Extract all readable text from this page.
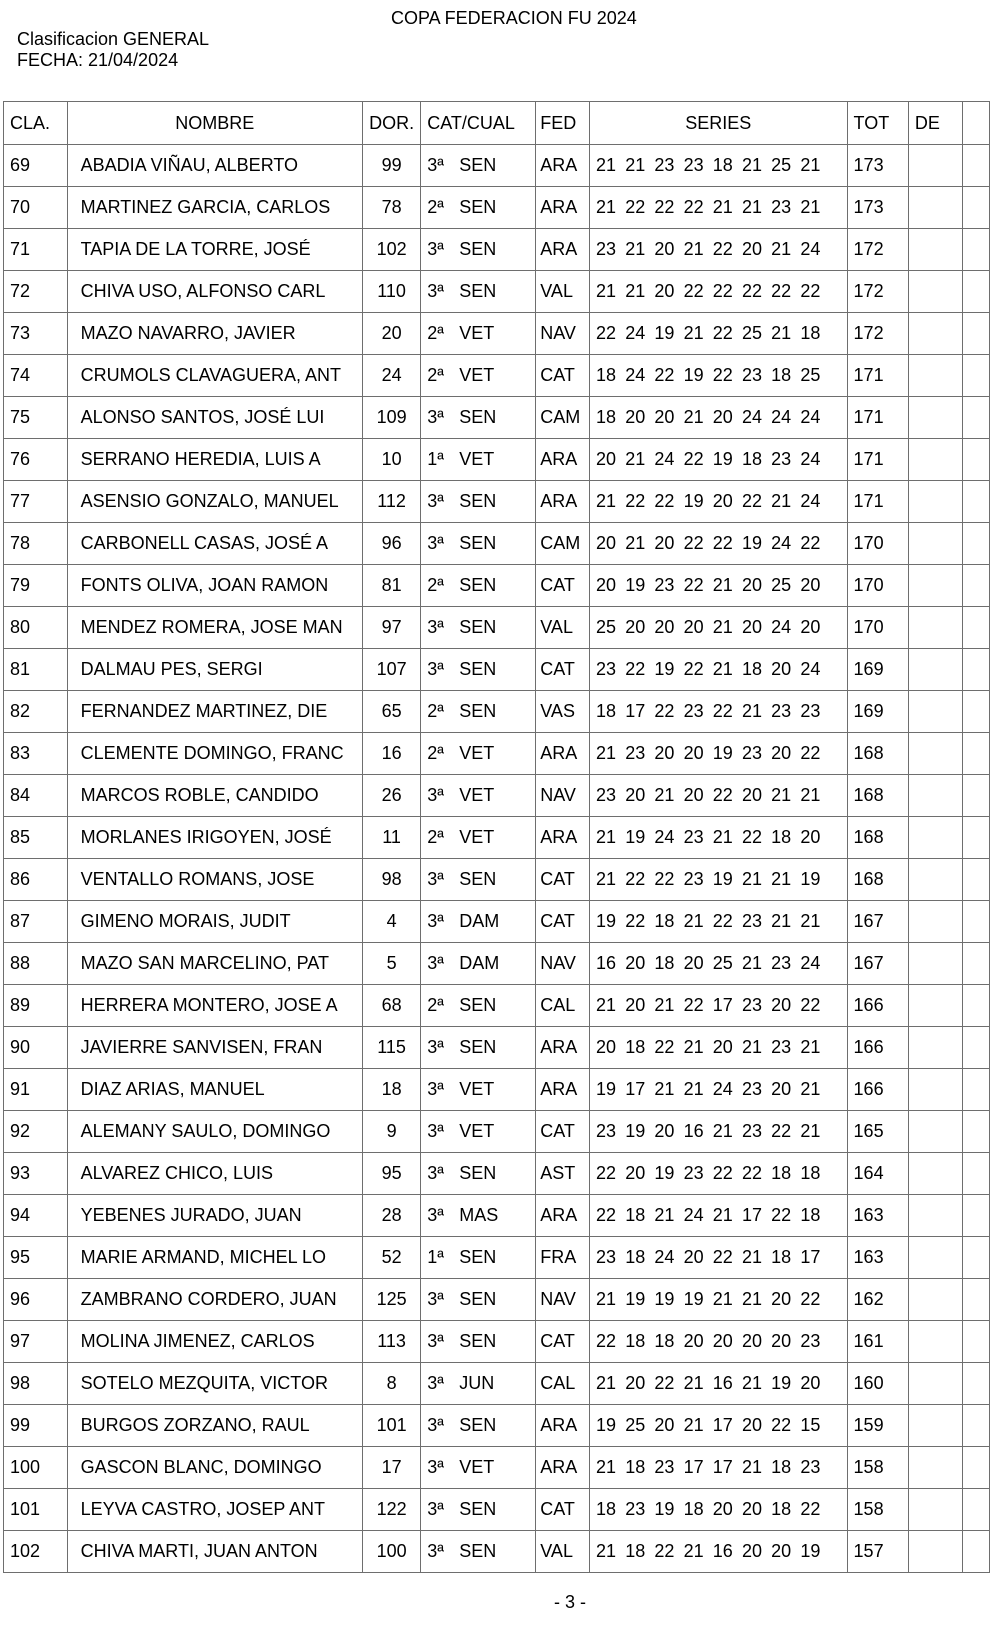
COPA FEDERACION FU 2024
Clasificacion GENERAL
FECHA: 21/04/2024
CLA.	NOMBRE	DOR.	CAT/CUAL	FED	SERIES	TOT	DE	
69	ABADIA VIÑAU, ALBERTO	99	3ª SEN	ARA	21 21 23 23 18 21 25 21	173		
70	MARTINEZ GARCIA, CARLOS	78	2ª SEN	ARA	21 22 22 22 21 21 23 21	173		
71	TAPIA DE LA TORRE, JOSÉ	102	3ª SEN	ARA	23 21 20 21 22 20 21 24	172		
72	CHIVA USO, ALFONSO CARL	110	3ª SEN	VAL	21 21 20 22 22 22 22 22	172		
73	MAZO NAVARRO, JAVIER	20	2ª VET	NAV	22 24 19 21 22 25 21 18	172		
74	CRUMOLS CLAVAGUERA, ANT	24	2ª VET	CAT	18 24 22 19 22 23 18 25	171		
75	ALONSO SANTOS, JOSÉ LUI	109	3ª SEN	CAM	18 20 20 21 20 24 24 24	171		
76	SERRANO HEREDIA, LUIS A	10	1ª VET	ARA	20 21 24 22 19 18 23 24	171		
77	ASENSIO GONZALO, MANUEL	112	3ª SEN	ARA	21 22 22 19 20 22 21 24	171		
78	CARBONELL CASAS, JOSÉ A	96	3ª SEN	CAM	20 21 20 22 22 19 24 22	170		
79	FONTS OLIVA, JOAN RAMON	81	2ª SEN	CAT	20 19 23 22 21 20 25 20	170		
80	MENDEZ ROMERA, JOSE MAN	97	3ª SEN	VAL	25 20 20 20 21 20 24 20	170		
81	DALMAU PES, SERGI	107	3ª SEN	CAT	23 22 19 22 21 18 20 24	169		
82	FERNANDEZ MARTINEZ, DIE	65	2ª SEN	VAS	18 17 22 23 22 21 23 23	169		
83	CLEMENTE DOMINGO, FRANC	16	2ª VET	ARA	21 23 20 20 19 23 20 22	168		
84	MARCOS ROBLE, CANDIDO	26	3ª VET	NAV	23 20 21 20 22 20 21 21	168		
85	MORLANES IRIGOYEN, JOSÉ	11	2ª VET	ARA	21 19 24 23 21 22 18 20	168		
86	VENTALLO ROMANS, JOSE	98	3ª SEN	CAT	21 22 22 23 19 21 21 19	168		
87	GIMENO MORAIS, JUDIT	4	3ª DAM	CAT	19 22 18 21 22 23 21 21	167		
88	MAZO SAN MARCELINO, PAT	5	3ª DAM	NAV	16 20 18 20 25 21 23 24	167		
89	HERRERA MONTERO, JOSE A	68	2ª SEN	CAL	21 20 21 22 17 23 20 22	166		
90	JAVIERRE SANVISEN, FRAN	115	3ª SEN	ARA	20 18 22 21 20 21 23 21	166		
91	DIAZ ARIAS, MANUEL	18	3ª VET	ARA	19 17 21 21 24 23 20 21	166		
92	ALEMANY SAULO, DOMINGO	9	3ª VET	CAT	23 19 20 16 21 23 22 21	165		
93	ALVAREZ CHICO, LUIS	95	3ª SEN	AST	22 20 19 23 22 22 18 18	164		
94	YEBENES JURADO, JUAN	28	3ª MAS	ARA	22 18 21 24 21 17 22 18	163		
95	MARIE ARMAND, MICHEL LO	52	1ª SEN	FRA	23 18 24 20 22 21 18 17	163		
96	ZAMBRANO CORDERO, JUAN	125	3ª SEN	NAV	21 19 19 19 21 21 20 22	162		
97	MOLINA JIMENEZ, CARLOS	113	3ª SEN	CAT	22 18 18 20 20 20 20 23	161		
98	SOTELO MEZQUITA, VICTOR	8	3ª JUN	CAL	21 20 22 21 16 21 19 20	160		
99	BURGOS ZORZANO, RAUL	101	3ª SEN	ARA	19 25 20 21 17 20 22 15	159		
100	GASCON BLANC, DOMINGO	17	3ª VET	ARA	21 18 23 17 17 21 18 23	158		
101	LEYVA CASTRO, JOSEP ANT	122	3ª SEN	CAT	18 23 19 18 20 20 18 22	158		
102	CHIVA MARTI, JUAN ANTON	100	3ª SEN	VAL	21 18 22 21 16 20 20 19	157		
- 3 -
